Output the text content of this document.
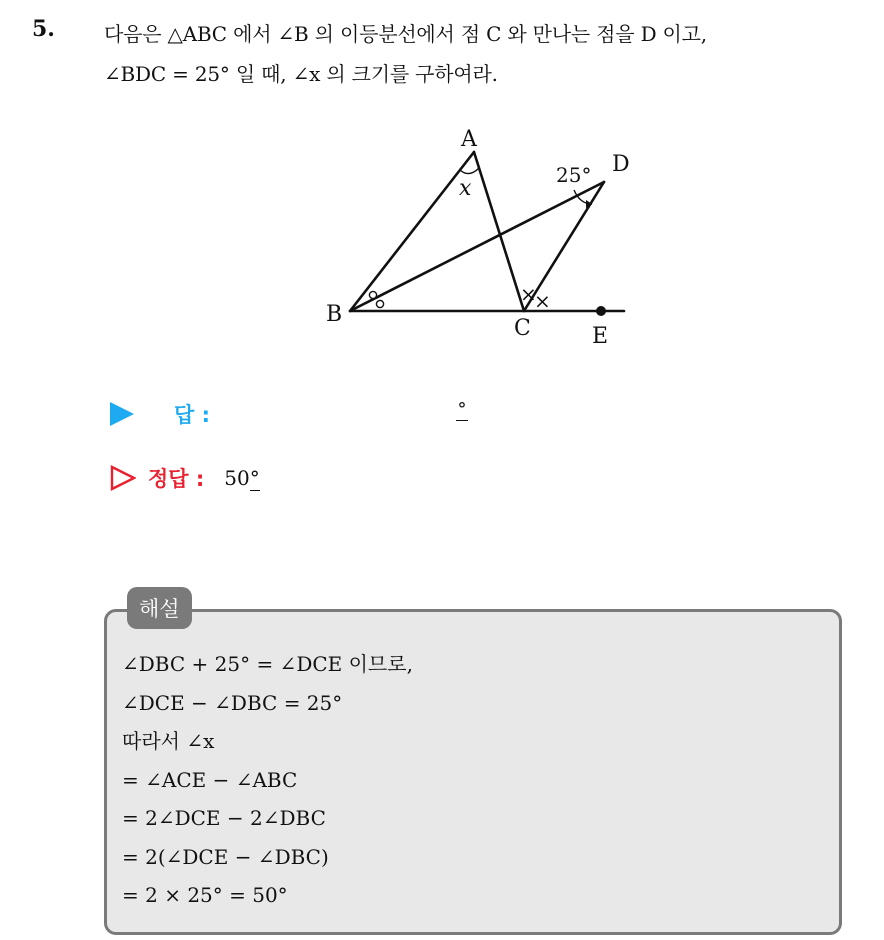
5. 다음은 △ABC 에서 ∠B 의 이등분선에서 점 C 와 만나는 점을 D 이고,
∠BDC = 25° 일 때, ∠x 의 크기를 구하여라.
A
B
C
D
E
x
25°
×
×
답 :	°
정답 : 50°
해설
∠DBC + 25° = ∠DCE 이므로,
∠DCE − ∠DBC = 25°
따라서 ∠x
= ∠ACE − ∠ABC
= 2∠DCE − 2∠DBC
= 2(∠DCE − ∠DBC)
= 2 × 25° = 50°
